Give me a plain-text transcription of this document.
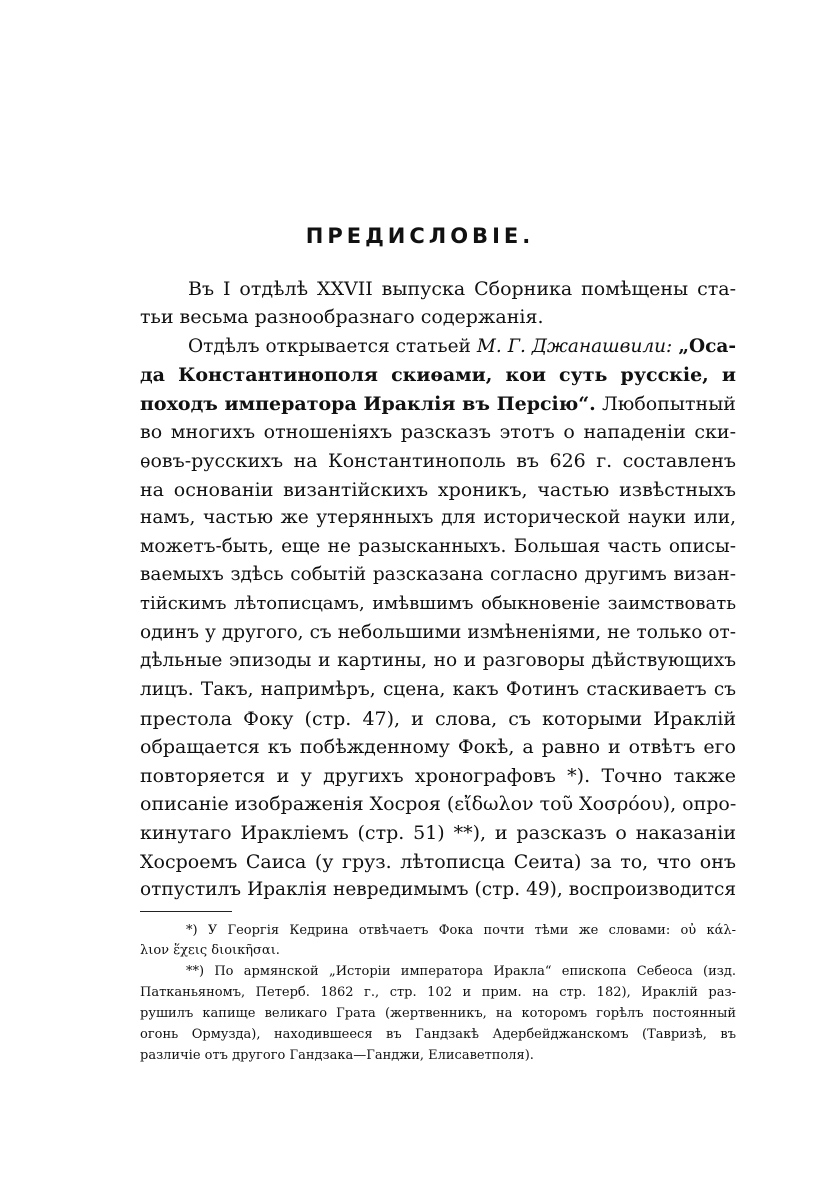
ПРЕДИСЛОВІЕ.
Въ I отдѣлѣ XXVII выпуска Сборника помѣщены ста-
тьи весьма разнообразнаго содержанія.
Отдѣлъ открывается статьей М. Г. Джанашвили: „Оса-
да Константинополя скиѳами, кои суть русскіе, и
походъ императора Ираклія въ Персію“. Любопытный
во многихъ отношеніяхъ разсказъ этотъ о нападеніи ски-
ѳовъ-русскихъ на Константинополь въ 626 г. составленъ
на основаніи византійскихъ хроникъ, частью извѣстныхъ
намъ, частью же утерянныхъ для исторической науки или,
можетъ-быть, еще не разысканныхъ. Большая часть описы-
ваемыхъ здѣсь событій разсказана согласно другимъ визан-
тійскимъ лѣтописцамъ, имѣвшимъ обыкновеніе заимствовать
одинъ у другого, съ небольшими измѣненіями, не только от-
дѣльные эпизоды и картины, но и разговоры дѣйствующихъ
лицъ. Такъ, напримѣръ, сцена, какъ Фотинъ стаскиваетъ съ
престола Фоку (стр. 47), и слова, съ которыми Ираклій
обращается къ побѣжденному Фокѣ, а равно и отвѣтъ его
повторяется и у другихъ хронографовъ *). Точно также
описаніе изображенія Хосроя (εἴδωλον τοῦ Χοσρόου), опро-
кинутаго Иракліемъ (стр. 51) **), и разсказъ о наказаніи
Хосроемъ Саиса (у груз. лѣтописца Сеита) за то, что онъ
отпустилъ Ираклія невредимымъ (стр. 49), воспроизводится
*) У Георгія Кедрина отвѣчаетъ Фока почти тѣми же словами: οὐ κάλ-
λιον ἕχεις διοικῆσαι.
**) По армянской „Исторіи императора Иракла“ епископа Себеоса (изд.
Патканьяномъ, Петерб. 1862 г., стр. 102 и прим. на стр. 182), Ираклій раз-
рушилъ капище великаго Грата (жертвенникъ, на которомъ горѣлъ постоянный
огонь Ормузда), находившееся въ Гандзакѣ Адербейджанскомъ (Тавризѣ, въ
различіе отъ другого Гандзака—Ганджи, Елисаветполя).
